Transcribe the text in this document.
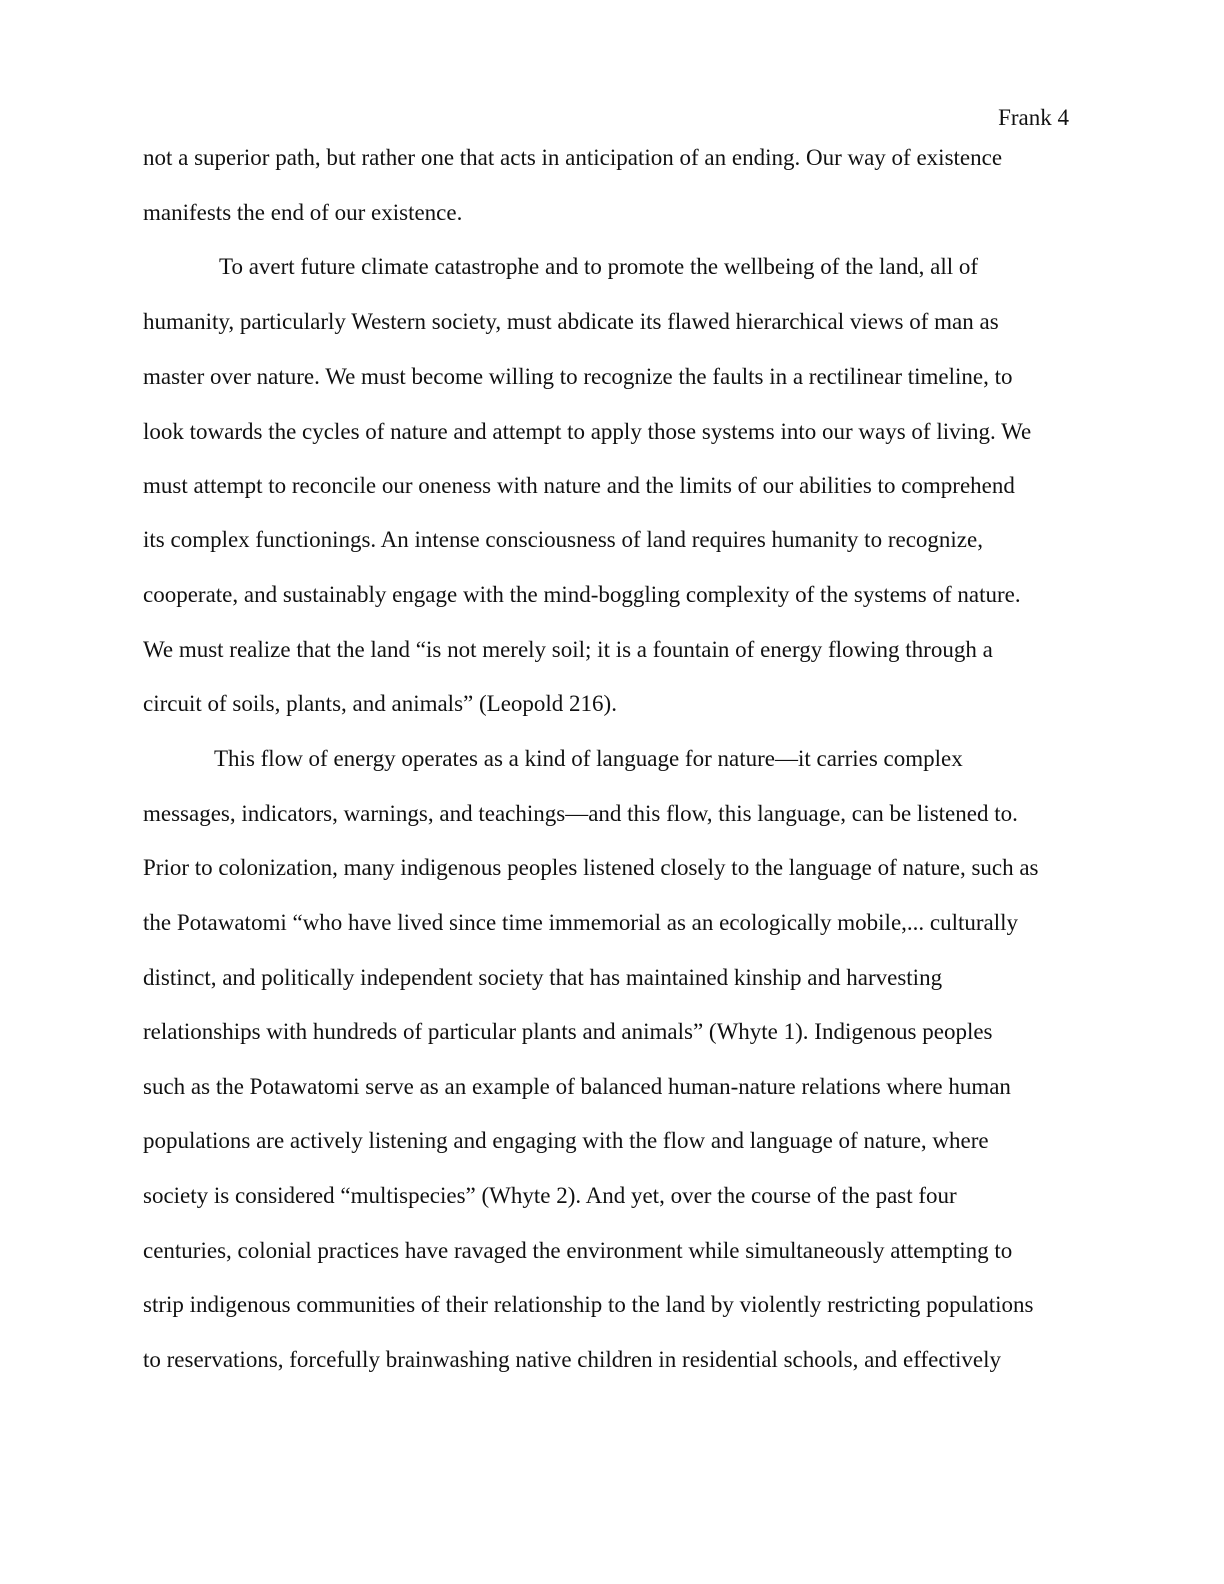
Frank 4
not a superior path, but rather one that acts in anticipation of an ending. Our way of existence
manifests the end of our existence.
To avert future climate catastrophe and to promote the wellbeing of the land, all of
humanity, particularly Western society, must abdicate its flawed hierarchical views of man as
master over nature. We must become willing to recognize the faults in a rectilinear timeline, to
look towards the cycles of nature and attempt to apply those systems into our ways of living. We
must attempt to reconcile our oneness with nature and the limits of our abilities to comprehend
its complex functionings. An intense consciousness of land requires humanity to recognize,
cooperate, and sustainably engage with the mind-boggling complexity of the systems of nature.
We must realize that the land “is not merely soil; it is a fountain of energy flowing through a
circuit of soils, plants, and animals” (Leopold 216).
This flow of energy operates as a kind of language for nature—it carries complex
messages, indicators, warnings, and teachings—and this flow, this language, can be listened to.
Prior to colonization, many indigenous peoples listened closely to the language of nature, such as
the Potawatomi “who have lived since time immemorial as an ecologically mobile,... culturally
distinct, and politically independent society that has maintained kinship and harvesting
relationships with hundreds of particular plants and animals” (Whyte 1). Indigenous peoples
such as the Potawatomi serve as an example of balanced human-nature relations where human
populations are actively listening and engaging with the flow and language of nature, where
society is considered “multispecies” (Whyte 2). And yet, over the course of the past four
centuries, colonial practices have ravaged the environment while simultaneously attempting to
strip indigenous communities of their relationship to the land by violently restricting populations
to reservations, forcefully brainwashing native children in residential schools, and effectively
